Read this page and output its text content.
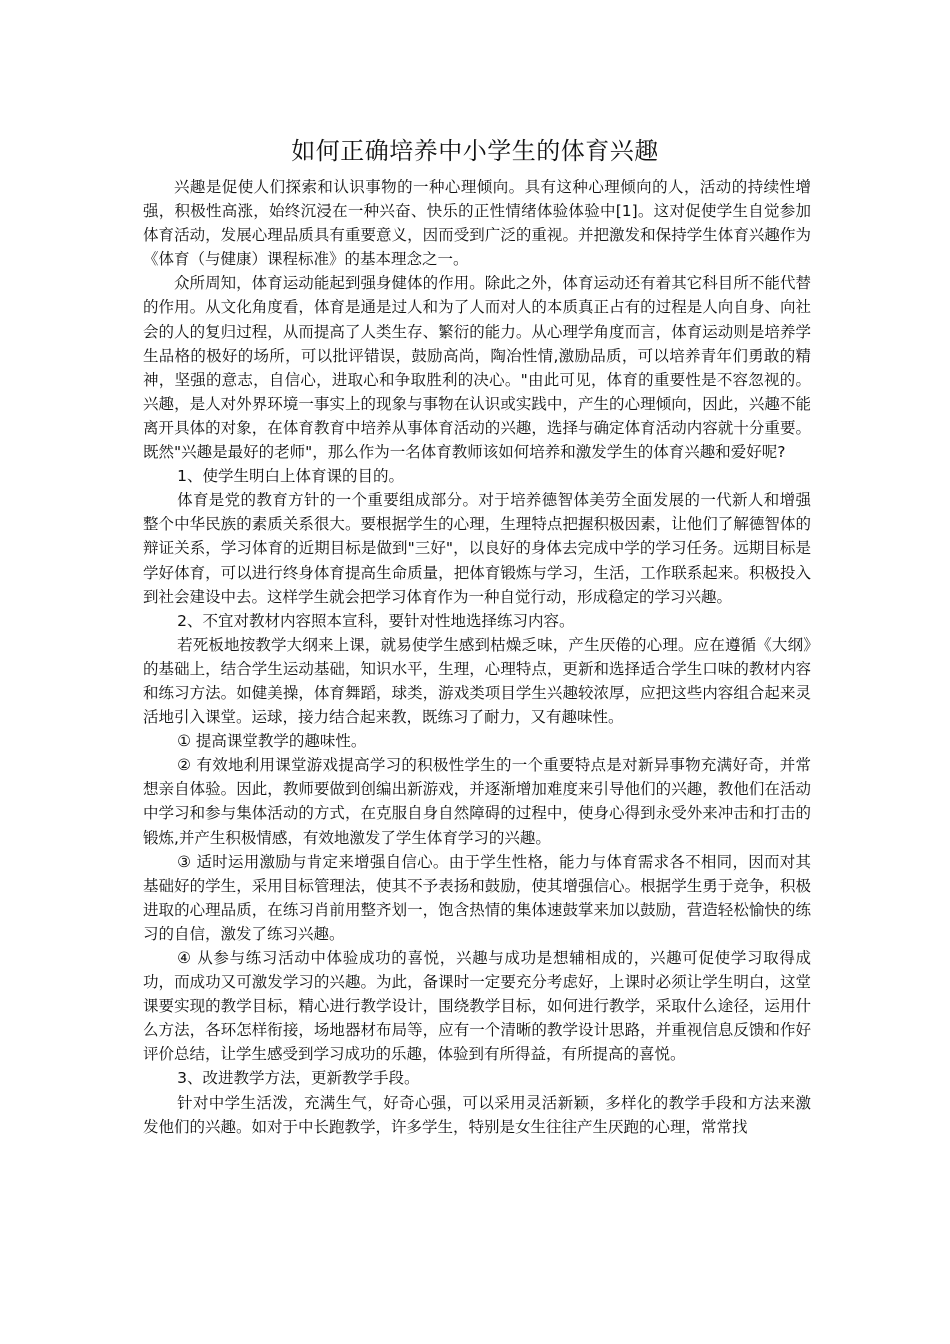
如何正确培养中小学生的体育兴趣

兴趣是促使人们探索和认识事物的一种心理倾向。具有这种心理倾向的人，活动的持续性增强，积极性高涨，始终沉浸在一种兴奋、快乐的正性情绪体验体验中[1]。这对促使学生自觉参加体育活动，发展心理品质具有重要意义，因而受到广泛的重视。并把激发和保持学生体育兴趣作为《体育（与健康）课程标准》的基本理念之一。

众所周知，体育运动能起到强身健体的作用。除此之外，体育运动还有着其它科目所不能代替的作用。从文化角度看，体育是通是过人和为了人而对人的本质真正占有的过程是人向自身、向社会的人的复归过程，从而提高了人类生存、繁衍的能力。从心理学角度而言，体育运动则是培养学生品格的极好的场所，可以批评错误，鼓励高尚，陶冶性情,激励品质，可以培养青年们勇敢的精神，坚强的意志，自信心，进取心和争取胜利的决心。"由此可见，体育的重要性是不容忽视的。 兴趣，是人对外界环境一事实上的现象与事物在认识或实践中，产生的心理倾向，因此，兴趣不能离开具体的对象，在体育教育中培养从事体育活动的兴趣，选择与确定体育活动内容就十分重要。既然"兴趣是最好的老师"，那么作为一名体育教师该如何培养和激发学生的体育兴趣和爱好呢?

1、使学生明白上体育课的目的。

体育是党的教育方针的一个重要组成部分。对于培养德智体美劳全面发展的一代新人和增强整个中华民族的素质关系很大。要根据学生的心理，生理特点把握积极因素，让他们了解德智体的辩证关系，学习体育的近期目标是做到"三好"，以良好的身体去完成中学的学习任务。远期目标是学好体育，可以进行终身体育提高生命质量，把体育锻炼与学习，生活，工作联系起来。积极投入到社会建设中去。这样学生就会把学习体育作为一种自觉行动，形成稳定的学习兴趣。

2、不宜对教材内容照本宣科，要针对性地选择练习内容。

若死板地按教学大纲来上课，就易使学生感到枯燥乏味，产生厌倦的心理。应在遵循《大纲》的基础上，结合学生运动基础，知识水平，生理，心理特点，更新和选择适合学生口味的教材内容和练习方法。如健美操，体育舞蹈，球类，游戏类项目学生兴趣较浓厚，应把这些内容组合起来灵活地引入课堂。运球，接力结合起来教，既练习了耐力，又有趣味性。

① 提高课堂教学的趣味性。

② 有效地利用课堂游戏提高学习的积极性学生的一个重要特点是对新异事物充满好奇，并常想亲自体验。因此，教师要做到创编出新游戏，并逐渐增加难度来引导他们的兴趣，教他们在活动中学习和参与集体活动的方式，在克服自身自然障碍的过程中，使身心得到永受外来冲击和打击的锻炼,并产生积极情感，有效地激发了学生体育学习的兴趣。

③ 适时运用激励与肯定来增强自信心。由于学生性格，能力与体育需求各不相同，因而对其基础好的学生，采用目标管理法，使其不予表扬和鼓励，使其增强信心。根据学生勇于竞争，积极进取的心理品质，在练习肖前用整齐划一，饱含热情的集体速鼓掌来加以鼓励，营造轻松愉快的练习的自信，激发了练习兴趣。

④ 从参与练习活动中体验成功的喜悦，兴趣与成功是想辅相成的，兴趣可促使学习取得成功，而成功又可激发学习的兴趣。为此，备课时一定要充分考虑好，上课时必须让学生明白，这堂课要实现的教学目标，精心进行教学设计，围绕教学目标，如何进行教学，采取什么途径，运用什么方法，各环怎样衔接，场地器材布局等，应有一个清晰的教学设计思路，并重视信息反馈和作好评价总结，让学生感受到学习成功的乐趣，体验到有所得益，有所提高的喜悦。

3、改进教学方法，更新教学手段。

针对中学生活泼，充满生气，好奇心强，可以采用灵活新颖，多样化的教学手段和方法来激发他们的兴趣。如对于中长跑教学，许多学生，特别是女生往往产生厌跑的心理，常常找
